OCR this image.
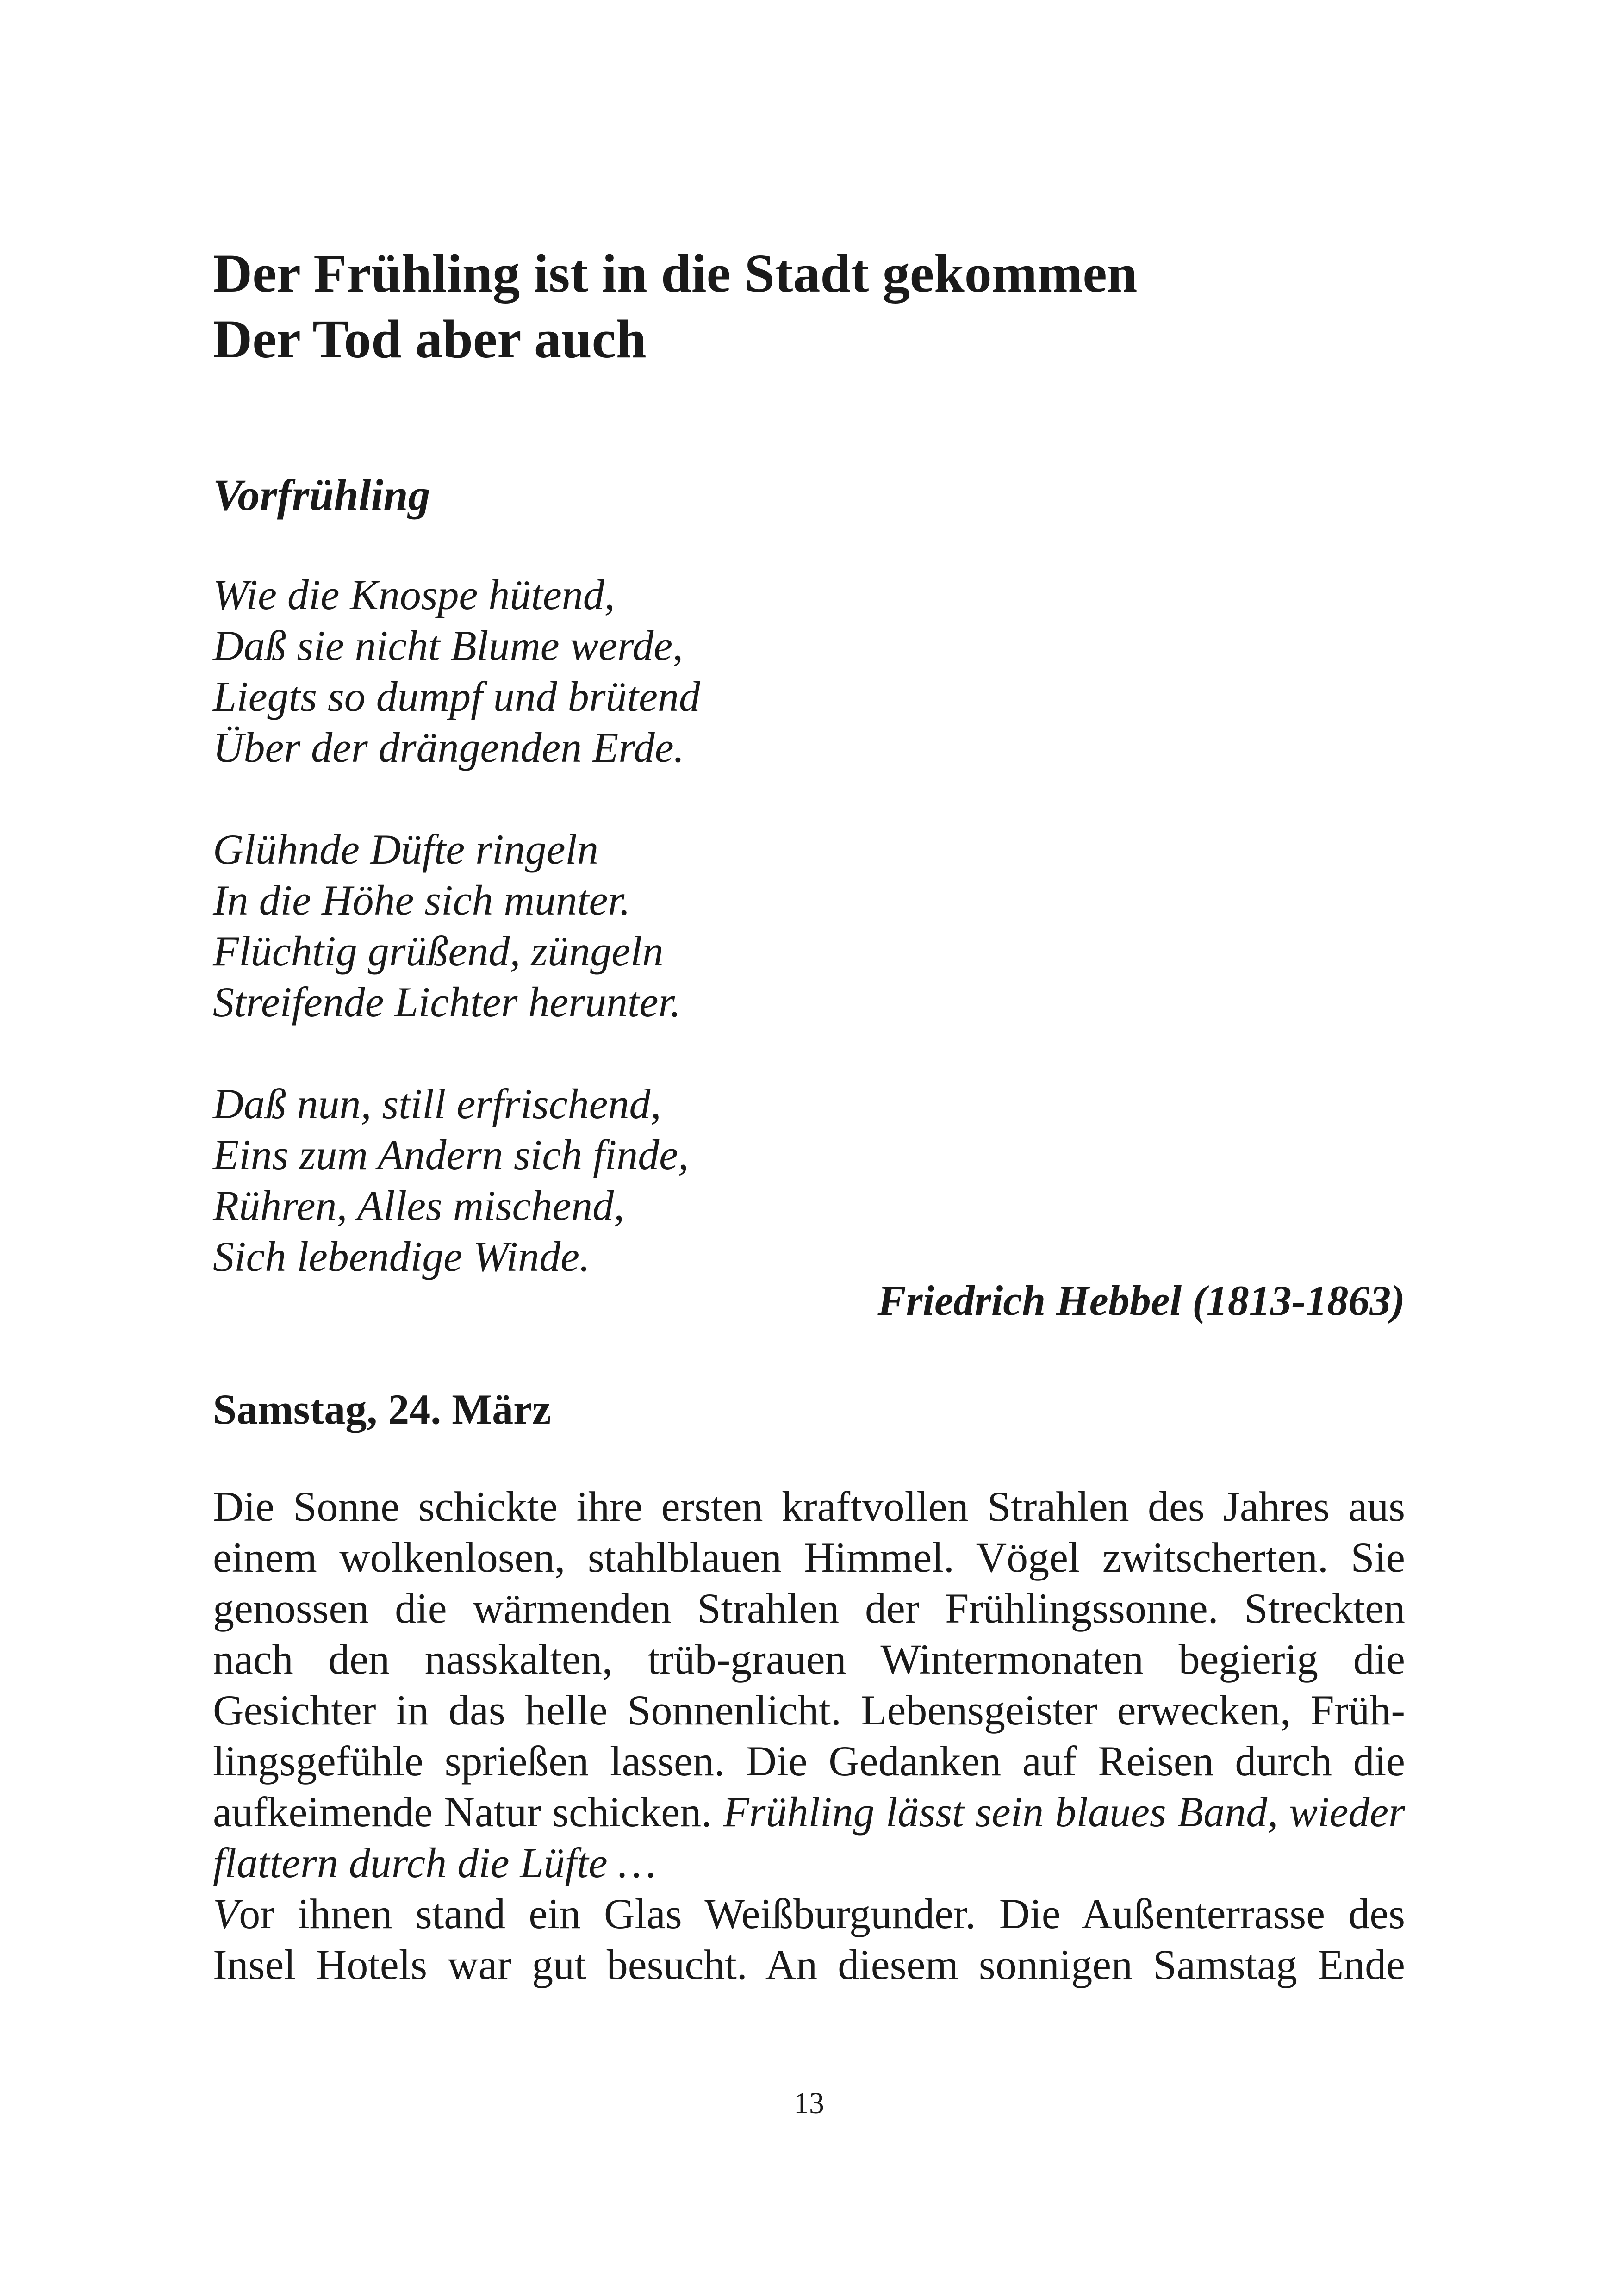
Der Frühling ist in die Stadt gekommen
Der Tod aber auch
Vorfrühling
Wie die Knospe hütend,
Daß sie nicht Blume werde,
Liegts so dumpf und brütend
Über der drängenden Erde.
Glühnde Düfte ringeln
In die Höhe sich munter.
Flüchtig grüßend, züngeln
Streifende Lichter herunter.
Daß nun, still erfrischend,
Eins zum Andern sich finde,
Rühren, Alles mischend,
Sich lebendige Winde.
Friedrich Hebbel (1813-1863)
Samstag, 24. März
Die Sonne schickte ihre ersten kraftvollen Strahlen des Jahres aus
einem wolkenlosen, stahlblauen Himmel. Vögel zwitscherten. Sie
genossen die wärmenden Strahlen der Frühlingssonne. Streckten
nach den nasskalten, trüb-grauen Wintermonaten begierig die
Gesichter in das helle Sonnenlicht. Lebensgeister erwecken, Früh-
lingsgefühle sprießen lassen. Die Gedanken auf Reisen durch die
aufkeimende Natur schicken. Frühling lässt sein blaues Band, wieder
flattern durch die Lüfte …
Vor ihnen stand ein Glas Weißburgunder. Die Außenterrasse des
Insel Hotels war gut besucht. An diesem sonnigen Samstag Ende
13
